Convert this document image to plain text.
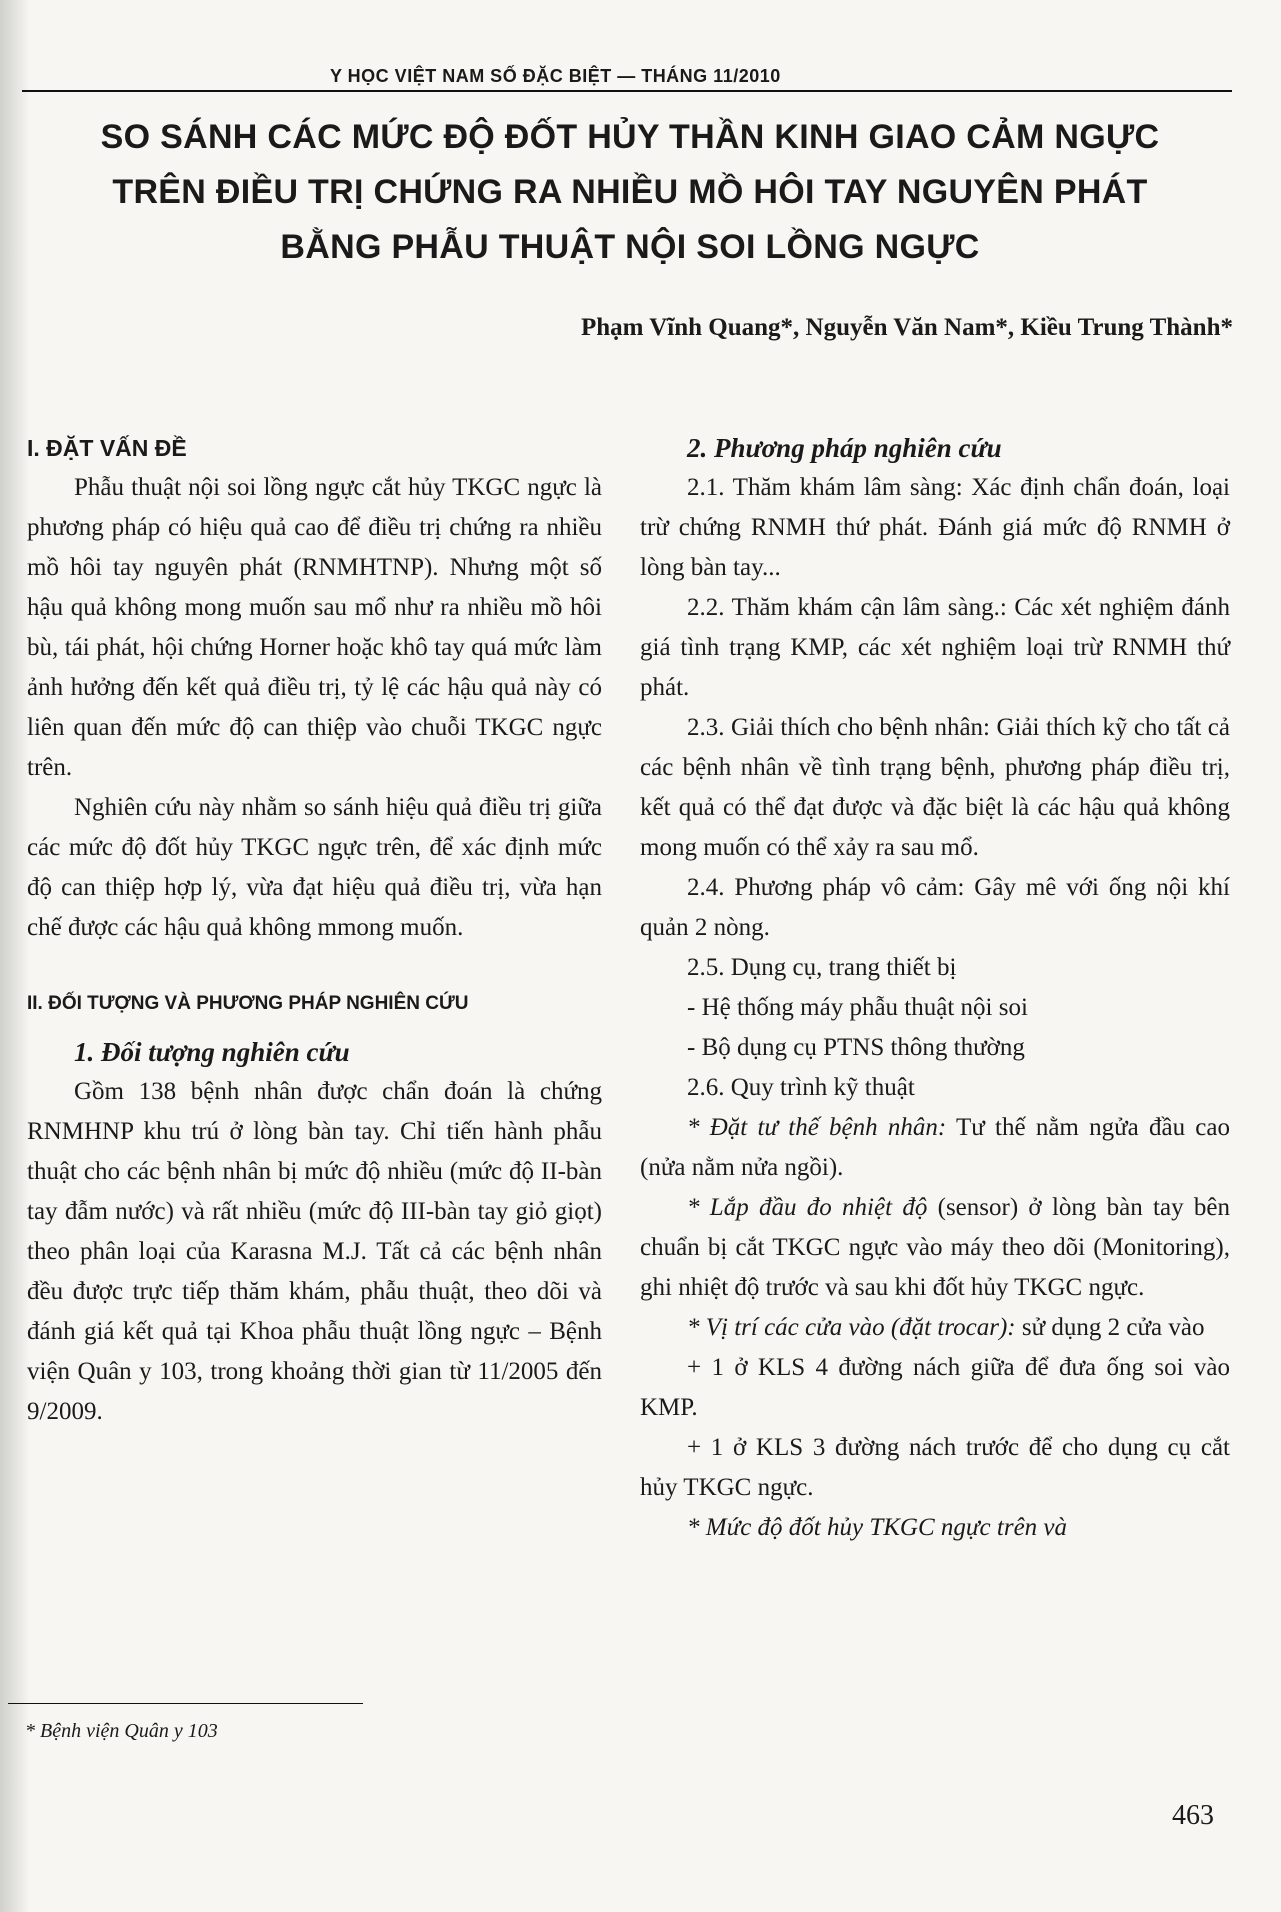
Y HỌC VIỆT NAM SỐ ĐẶC BIỆT — THÁNG 11/2010
SO SÁNH CÁC MỨC ĐỘ ĐỐT HỦY THẦN KINH GIAO CẢM NGỰC
TRÊN ĐIỀU TRỊ CHỨNG RA NHIỀU MỒ HÔI TAY NGUYÊN PHÁT
BẰNG PHẪU THUẬT NỘI SOI LỒNG NGỰC
Phạm Vĩnh Quang*, Nguyễn Văn Nam*, Kiều Trung Thành*

I. ĐẶT VẤN ĐỀ

Phẫu thuật nội soi lồng ngực cắt hủy TKGC ngực là phương pháp có hiệu quả cao để điều trị chứng ra nhiều mồ hôi tay nguyên phát (RNMHTNP). Nhưng một số hậu quả không mong muốn sau mổ như ra nhiều mồ hôi bù, tái phát, hội chứng Horner hoặc khô tay quá mức làm ảnh hưởng đến kết quả điều trị, tỷ lệ các hậu quả này có liên quan đến mức độ can thiệp vào chuỗi TKGC ngực trên.

Nghiên cứu này nhằm so sánh hiệu quả điều trị giữa các mức độ đốt hủy TKGC ngực trên, để xác định mức độ can thiệp hợp lý, vừa đạt hiệu quả điều trị, vừa hạn chế được các hậu quả không mmong muốn.

II. ĐỐI TƯỢNG VÀ PHƯƠNG PHÁP NGHIÊN CỨU

1. Đối tượng nghiên cứu

Gồm 138 bệnh nhân được chẩn đoán là chứng RNMHNP khu trú ở lòng bàn tay. Chỉ tiến hành phẫu thuật cho các bệnh nhân bị mức độ nhiều (mức độ II-bàn tay đẫm nước) và rất nhiều (mức độ III-bàn tay giỏ giọt) theo phân loại của Karasna M.J. Tất cả các bệnh nhân đều được trực tiếp thăm khám, phẫu thuật, theo dõi và đánh giá kết quả tại Khoa phẫu thuật lồng ngực – Bệnh viện Quân y 103, trong khoảng thời gian từ 11/2005 đến 9/2009.

2. Phương pháp nghiên cứu

2.1. Thăm khám lâm sàng: Xác định chẩn đoán, loại trừ chứng RNMH thứ phát. Đánh giá mức độ RNMH ở lòng bàn tay...

2.2. Thăm khám cận lâm sàng.: Các xét nghiệm đánh giá tình trạng KMP, các xét nghiệm loại trừ RNMH thứ phát.

2.3. Giải thích cho bệnh nhân: Giải thích kỹ cho tất cả các bệnh nhân về tình trạng bệnh, phương pháp điều trị, kết quả có thể đạt được và đặc biệt là các hậu quả không mong muốn có thể xảy ra sau mổ.

2.4. Phương pháp vô cảm: Gây mê với ống nội khí quản 2 nòng.

2.5. Dụng cụ, trang thiết bị

- Hệ thống máy phẫu thuật nội soi

- Bộ dụng cụ PTNS thông thường

2.6. Quy trình kỹ thuật

* Đặt tư thế bệnh nhân: Tư thế nằm ngửa đầu cao (nửa nằm nửa ngồi).

* Lắp đầu đo nhiệt độ (sensor) ở lòng bàn tay bên chuẩn bị cắt TKGC ngực vào máy theo dõi (Monitoring), ghi nhiệt độ trước và sau khi đốt hủy TKGC ngực.

* Vị trí các cửa vào (đặt trocar): sử dụng 2 cửa vào

+ 1 ở KLS 4 đường nách giữa để đưa ống soi vào KMP.

+ 1 ở KLS 3 đường nách trước để cho dụng cụ cắt hủy TKGC ngực.

* Mức độ đốt hủy TKGC ngực trên và

* Bệnh viện Quân y 103
463
